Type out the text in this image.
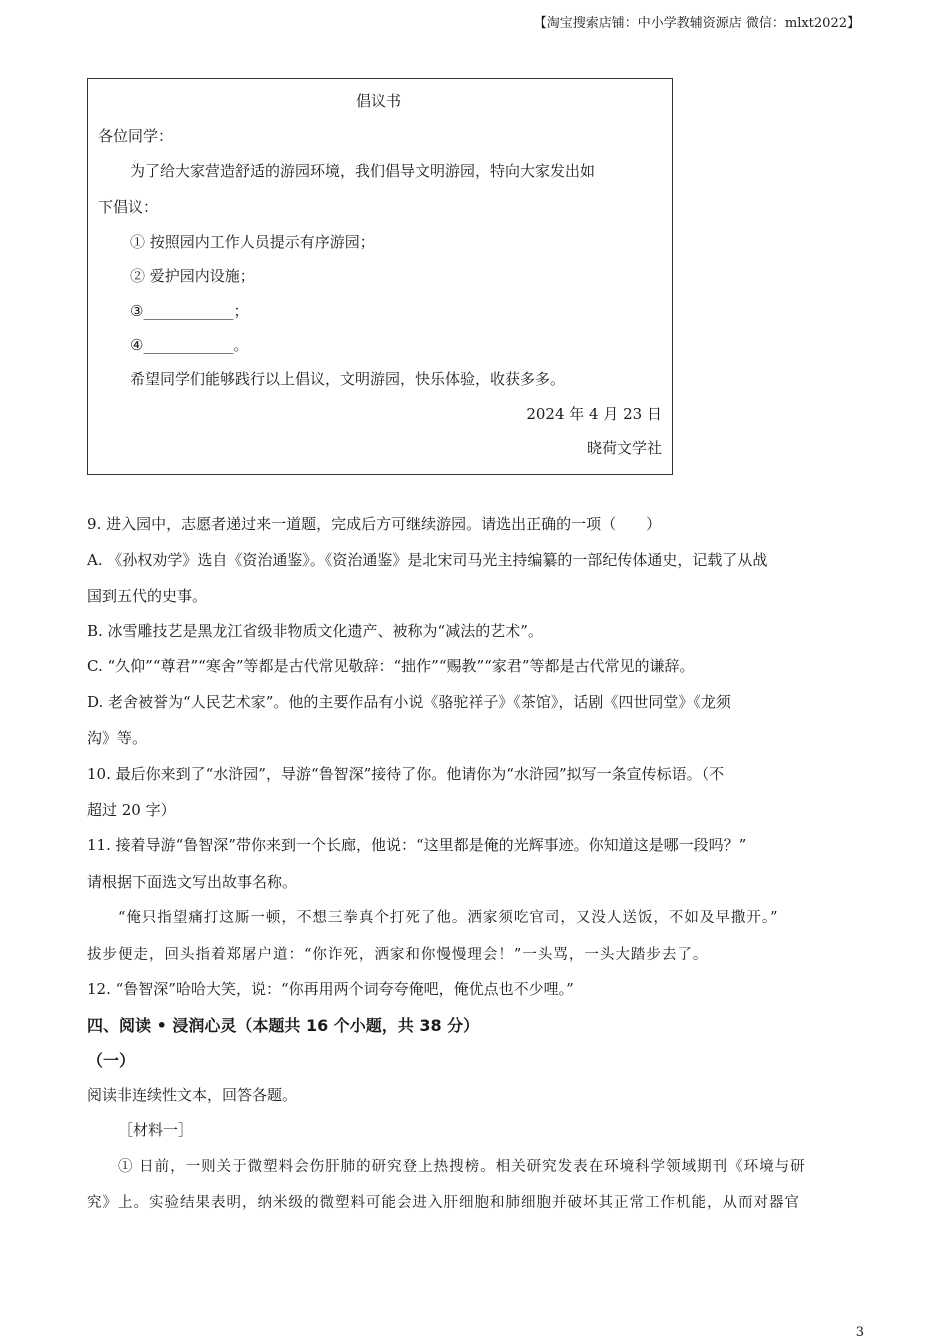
【淘宝搜索店铺：中小学教辅资源店 微信：mlxt2022】
倡议书
各位同学：
为了给大家营造舒适的游园环境，我们倡导文明游园，特向大家发出如
下倡议：
① 按照园内工作人员提示有序游园；
② 爱护园内设施；
③____________；
④____________。
希望同学们能够践行以上倡议，文明游园，快乐体验，收获多多。
2024 年 4 月 23 日
晓荷文学社
9. 进入园中，志愿者递过来一道题，完成后方可继续游园。请选出正确的一项（　　）
A. 《孙权劝学》选自《资治通鉴》。《资治通鉴》是北宋司马光主持编纂的一部纪传体通史，记载了从战
国到五代的史事。
B. 冰雪雕技艺是黑龙江省级非物质文化遗产、被称为“减法的艺术”。
C. “久仰”“尊君”“寒舍”等都是古代常见敬辞：“拙作”“赐教”“家君”等都是古代常见的谦辞。
D. 老舍被誉为“人民艺术家”。他的主要作品有小说《骆驼祥子》《茶馆》，话剧《四世同堂》《龙须
沟》等。
10. 最后你来到了“水浒园”，导游“鲁智深”接待了你。他请你为“水浒园”拟写一条宣传标语。（不
超过 20 字）
11. 接着导游“鲁智深”带你来到一个长廊，他说：“这里都是俺的光辉事迹。你知道这是哪一段吗？”
请根据下面选文写出故事名称。
“俺只指望痛打这厮一顿，不想三拳真个打死了他。洒家须吃官司，又没人送饭，不如及早撒开。”
拔步便走，回头指着郑屠户道：“你诈死，洒家和你慢慢理会！”一头骂，一头大踏步去了。
12. “鲁智深”哈哈大笑，说：“你再用两个词夸夸俺吧，俺优点也不少哩。”
四、阅读 • 浸润心灵（本题共 16 个小题，共 38 分）
（一）
阅读非连续性文本，回答各题。
［材料一］
① 日前，一则关于微塑料会伤肝肺的研究登上热搜榜。相关研究发表在环境科学领域期刊《环境与研
究》上。实验结果表明，纳米级的微塑料可能会进入肝细胞和肺细胞并破坏其正常工作机能，从而对器官
3
